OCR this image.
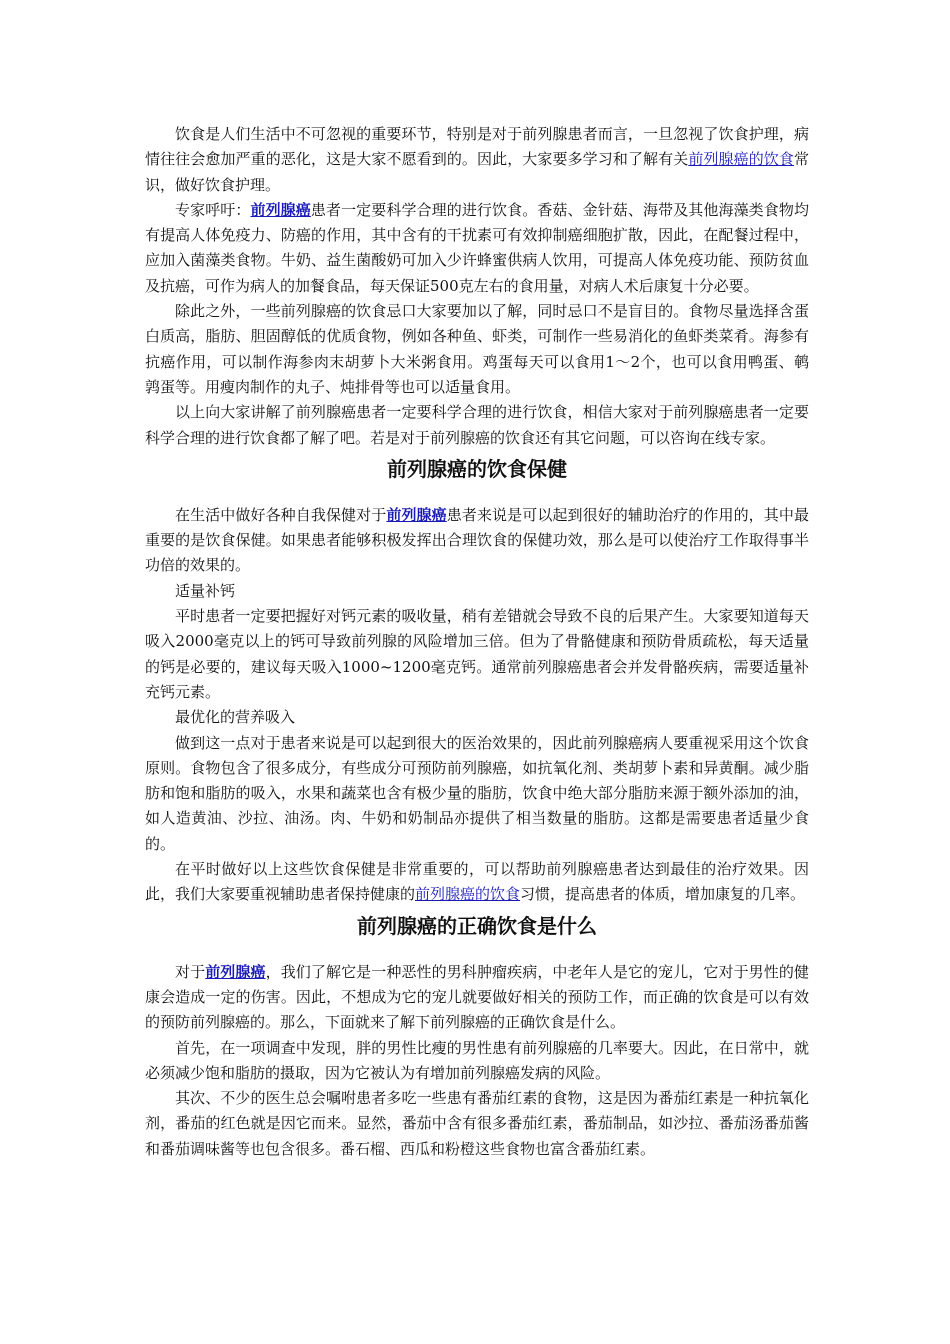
饮食是人们生活中不可忽视的重要环节，特别是对于前列腺患者而言，一旦忽视了饮食护理，病情往往会愈加严重的恶化，这是大家不愿看到的。因此，大家要多学习和了解有关前列腺癌的饮食常识，做好饮食护理。

专家呼吁：前列腺癌患者一定要科学合理的进行饮食。香菇、金针菇、海带及其他海藻类食物均有提高人体免疫力、防癌的作用，其中含有的干扰素可有效抑制癌细胞扩散，因此，在配餐过程中，应加入菌藻类食物。牛奶、益生菌酸奶可加入少许蜂蜜供病人饮用，可提高人体免疫功能、预防贫血及抗癌，可作为病人的加餐食品，每天保证500克左右的食用量，对病人术后康复十分必要。

除此之外，一些前列腺癌的饮食忌口大家要加以了解，同时忌口不是盲目的。食物尽量选择含蛋白质高，脂肪、胆固醇低的优质食物，例如各种鱼、虾类，可制作一些易消化的鱼虾类菜肴。海参有抗癌作用，可以制作海参肉末胡萝卜大米粥食用。鸡蛋每天可以食用1～2个，也可以食用鸭蛋、鹌鹑蛋等。用瘦肉制作的丸子、炖排骨等也可以适量食用。

以上向大家讲解了前列腺癌患者一定要科学合理的进行饮食，相信大家对于前列腺癌患者一定要科学合理的进行饮食都了解了吧。若是对于前列腺癌的饮食还有其它问题，可以咨询在线专家。

前列腺癌的饮食保健

在生活中做好各种自我保健对于前列腺癌患者来说是可以起到很好的辅助治疗的作用的，其中最重要的是饮食保健。如果患者能够积极发挥出合理饮食的保健功效，那么是可以使治疗工作取得事半功倍的效果的。

适量补钙

平时患者一定要把握好对钙元素的吸收量，稍有差错就会导致不良的后果产生。大家要知道每天吸入2000毫克以上的钙可导致前列腺的风险增加三倍。但为了骨骼健康和预防骨质疏松，每天适量的钙是必要的，建议每天吸入1000~1200毫克钙。通常前列腺癌患者会并发骨骼疾病，需要适量补充钙元素。

最优化的营养吸入

做到这一点对于患者来说是可以起到很大的医治效果的，因此前列腺癌病人要重视采用这个饮食原则。食物包含了很多成分，有些成分可预防前列腺癌，如抗氧化剂、类胡萝卜素和异黄酮。减少脂肪和饱和脂肪的吸入，水果和蔬菜也含有极少量的脂肪，饮食中绝大部分脂肪来源于额外添加的油，如人造黄油、沙拉、油汤。肉、牛奶和奶制品亦提供了相当数量的脂肪。这都是需要患者适量少食的。

在平时做好以上这些饮食保健是非常重要的，可以帮助前列腺癌患者达到最佳的治疗效果。因此，我们大家要重视辅助患者保持健康的前列腺癌的饮食习惯，提高患者的体质，增加康复的几率。

前列腺癌的正确饮食是什么

对于前列腺癌，我们了解它是一种恶性的男科肿瘤疾病，中老年人是它的宠儿，它对于男性的健康会造成一定的伤害。因此，不想成为它的宠儿就要做好相关的预防工作，而正确的饮食是可以有效的预防前列腺癌的。那么，下面就来了解下前列腺癌的正确饮食是什么。

首先，在一项调查中发现，胖的男性比瘦的男性患有前列腺癌的几率要大。因此，在日常中，就必须减少饱和脂肪的摄取，因为它被认为有增加前列腺癌发病的风险。

其次、不少的医生总会嘱咐患者多吃一些患有番茄红素的食物，这是因为番茄红素是一种抗氧化剂，番茄的红色就是因它而来。显然，番茄中含有很多番茄红素，番茄制品，如沙拉、番茄汤番茄酱和番茄调味酱等也包含很多。番石榴、西瓜和粉橙这些食物也富含番茄红素。
